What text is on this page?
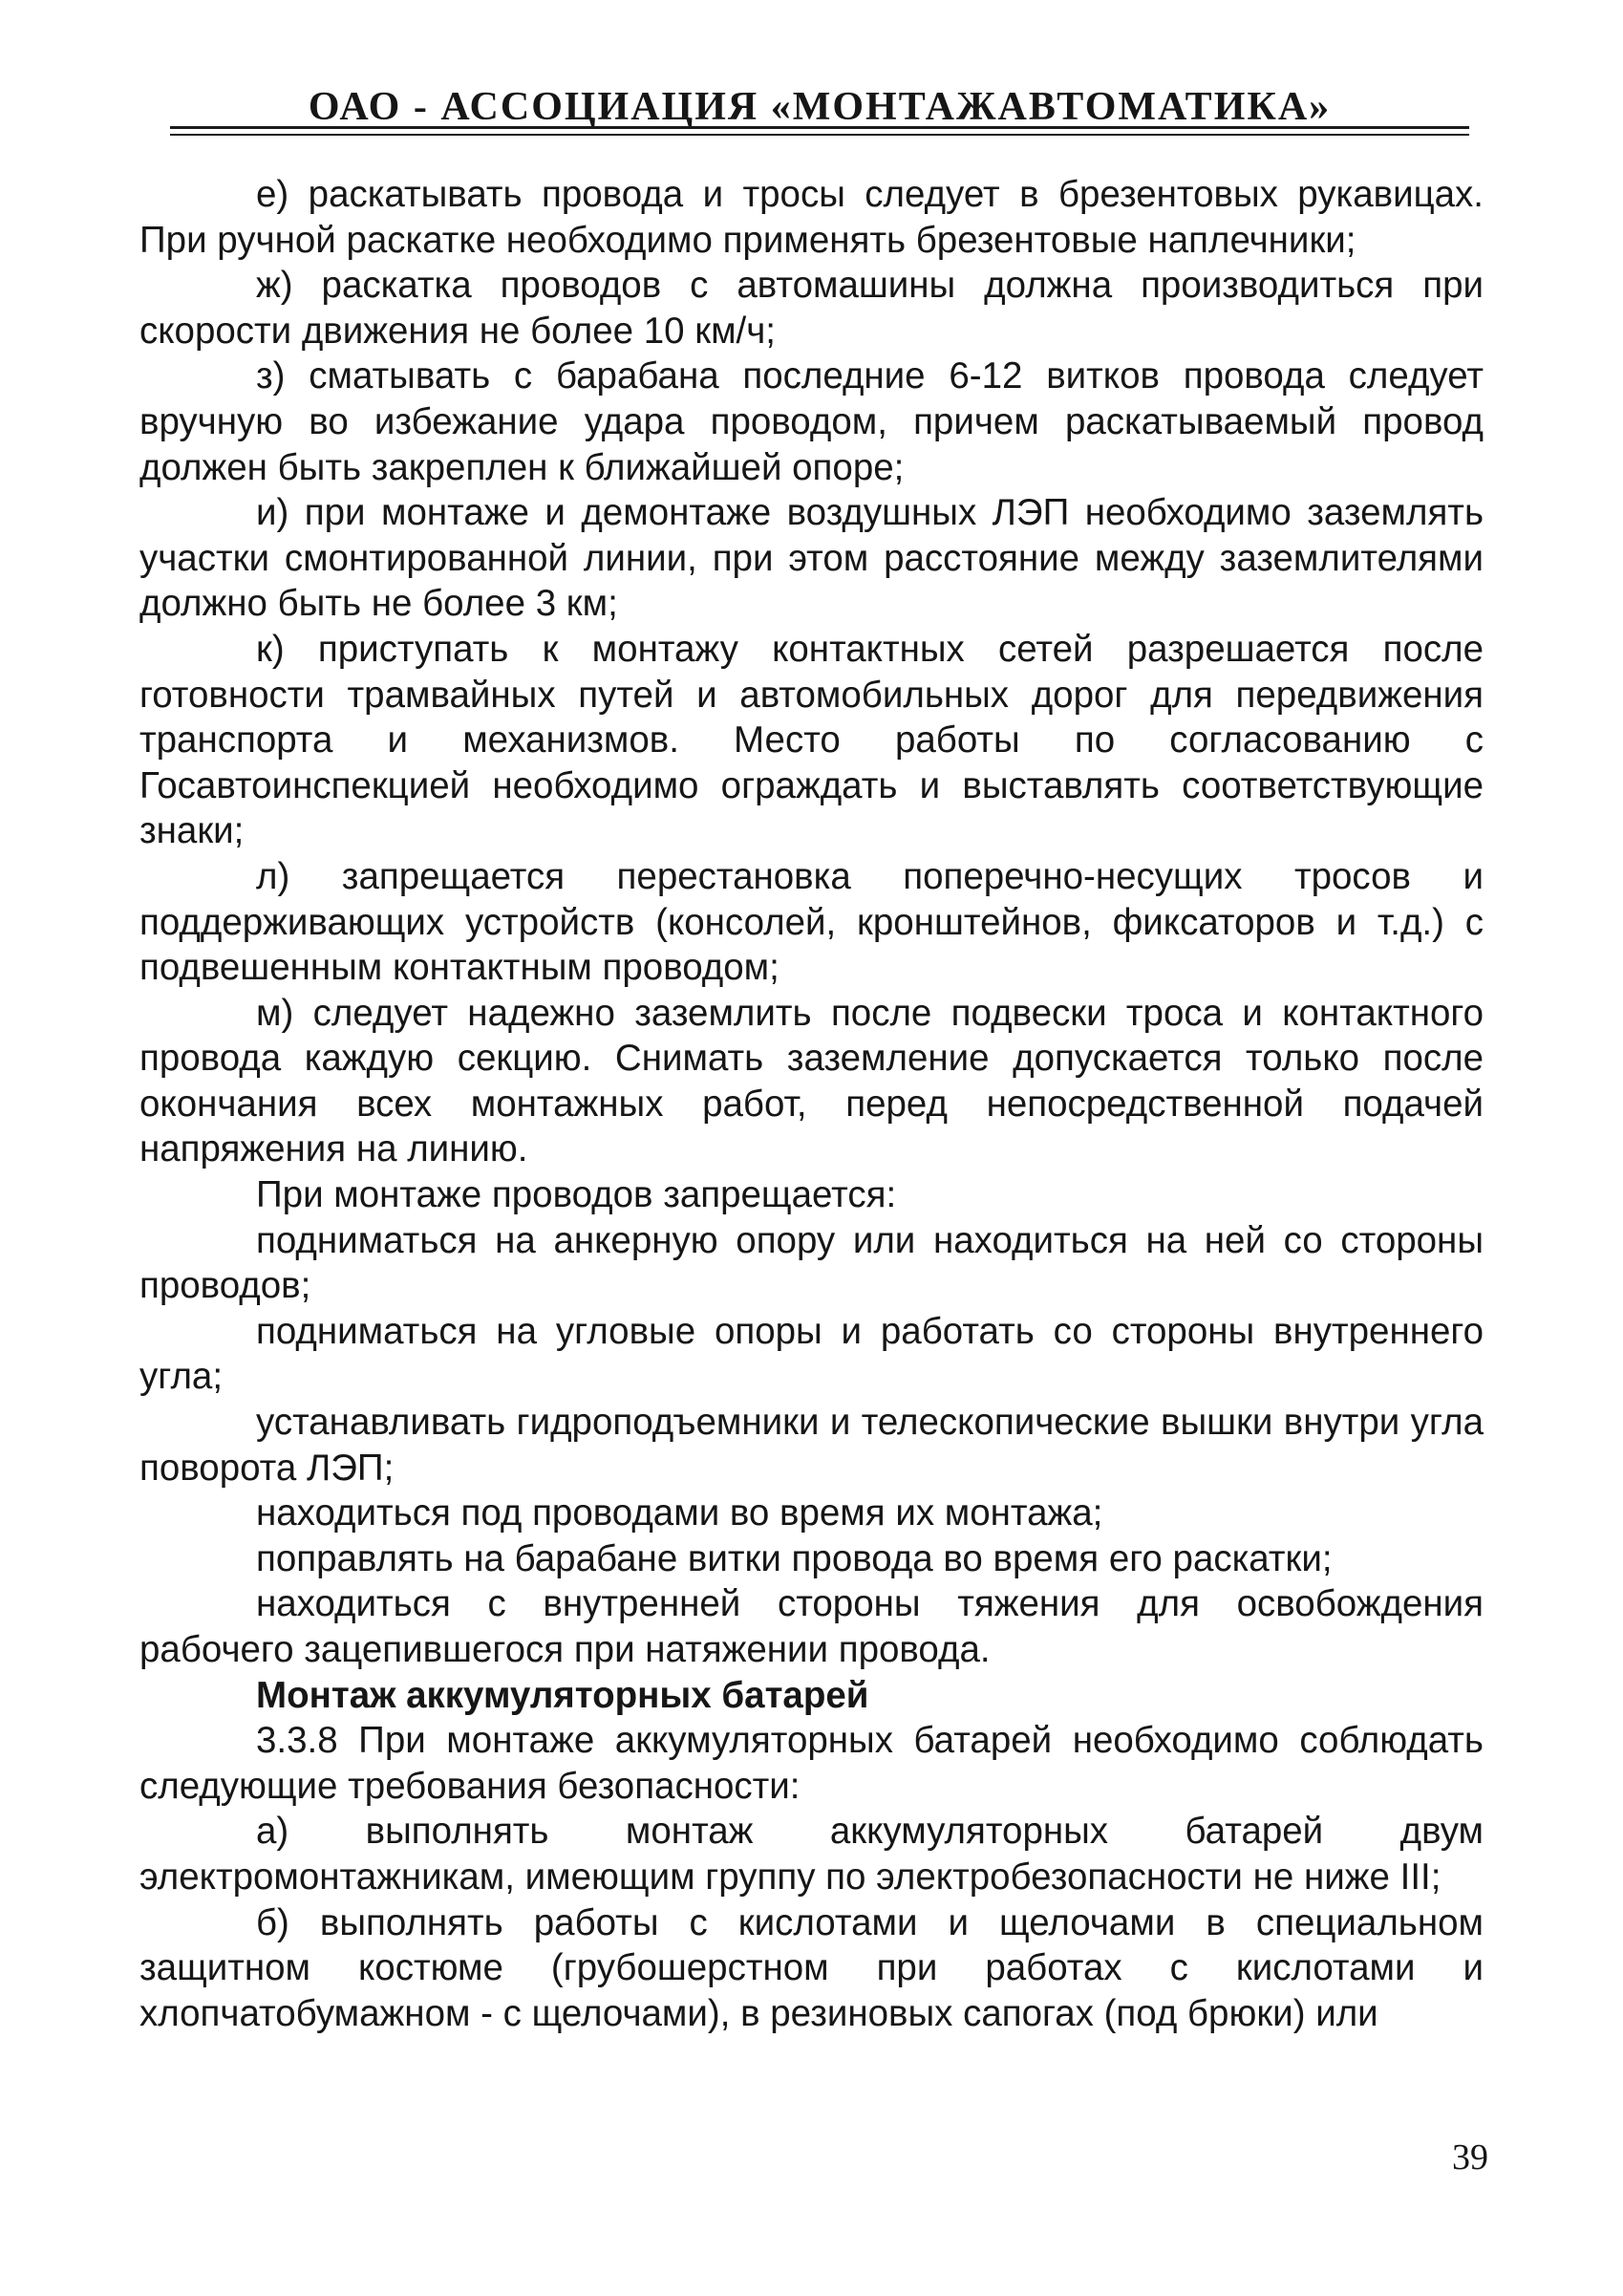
ОАО - АССОЦИАЦИЯ «МОНТАЖАВТОМАТИКА»

е) раскатывать провода и тросы следует в брезентовых рукавицах. При ручной раскатке необходимо применять брезентовые наплечники;

ж) раскатка проводов с автомашины должна производиться при скорости движения не более 10 км/ч;

з) сматывать с барабана последние 6-12 витков провода следует вручную во избежание удара проводом, причем раскатываемый провод должен быть закреплен к ближайшей опоре;

и) при монтаже и демонтаже воздушных ЛЭП необходимо заземлять участки смонтированной линии, при этом расстояние между заземлителями должно быть не более 3 км;

к) приступать к монтажу контактных сетей разрешается после готовности трамвайных путей и автомобильных дорог для передвижения транспорта и механизмов. Место работы по согласованию с Госавтоинспекцией необходимо ограждать и выставлять соответствующие знаки;

л) запрещается перестановка поперечно-несущих тросов и поддерживающих устройств (консолей, кронштейнов, фиксаторов и т.д.) с подвешенным контактным проводом;

м) следует надежно заземлить после подвески троса и контактного провода каждую секцию. Снимать заземление допускается только после окончания всех монтажных работ, перед непосредственной подачей напряжения на линию.

При монтаже проводов запрещается:

подниматься на анкерную опору или находиться на ней со стороны проводов;

подниматься на угловые опоры и работать со стороны внутреннего угла;

устанавливать гидроподъемники и телескопические вышки внутри угла поворота ЛЭП;

находиться под проводами во время их монтажа;

поправлять на барабане витки провода во время его раскатки;

находиться с внутренней стороны тяжения для освобождения рабочего зацепившегося при натяжении провода.

Монтаж аккумуляторных батарей

3.3.8 При монтаже аккумуляторных батарей необходимо соблюдать следующие требования безопасности:

а) выполнять монтаж аккумуляторных батарей двум электромонтажникам, имеющим группу по электробезопасности не ниже III;

б) выполнять работы с кислотами и щелочами в специальном защитном костюме (грубошерстном при работах с кислотами и хлопчатобумажном - с щелочами), в резиновых сапогах (под брюки) или

39
